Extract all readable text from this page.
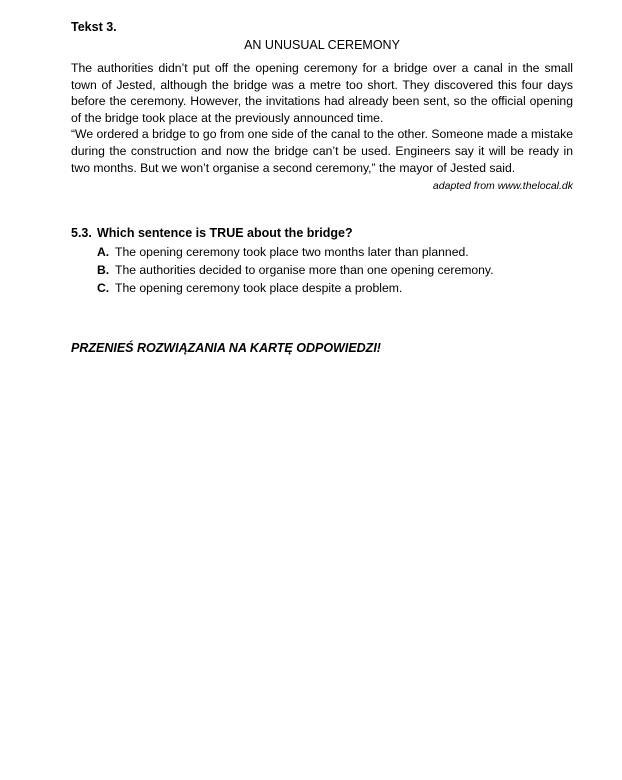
Tekst 3.

AN UNUSUAL CEREMONY

The authorities didn’t put off the opening ceremony for a bridge over a canal in the small town of Jested, although the bridge was a metre too short. They discovered this four days before the ceremony. However, the invitations had already been sent, so the official opening of the bridge took place at the previously announced time.

“We ordered a bridge to go from one side of the canal to the other. Someone made a mistake during the construction and now the bridge can’t be used. Engineers say it will be ready in two months. But we won’t organise a second ceremony,” the mayor of Jested said.

adapted from www.thelocal.dk

5.3. Which sentence is TRUE about the bridge?
A. The opening ceremony took place two months later than planned.
B. The authorities decided to organise more than one opening ceremony.
C. The opening ceremony took place despite a problem.
PRZENIEŚ ROZWIĄZANIA NA KARTĘ ODPOWIEDZI!
